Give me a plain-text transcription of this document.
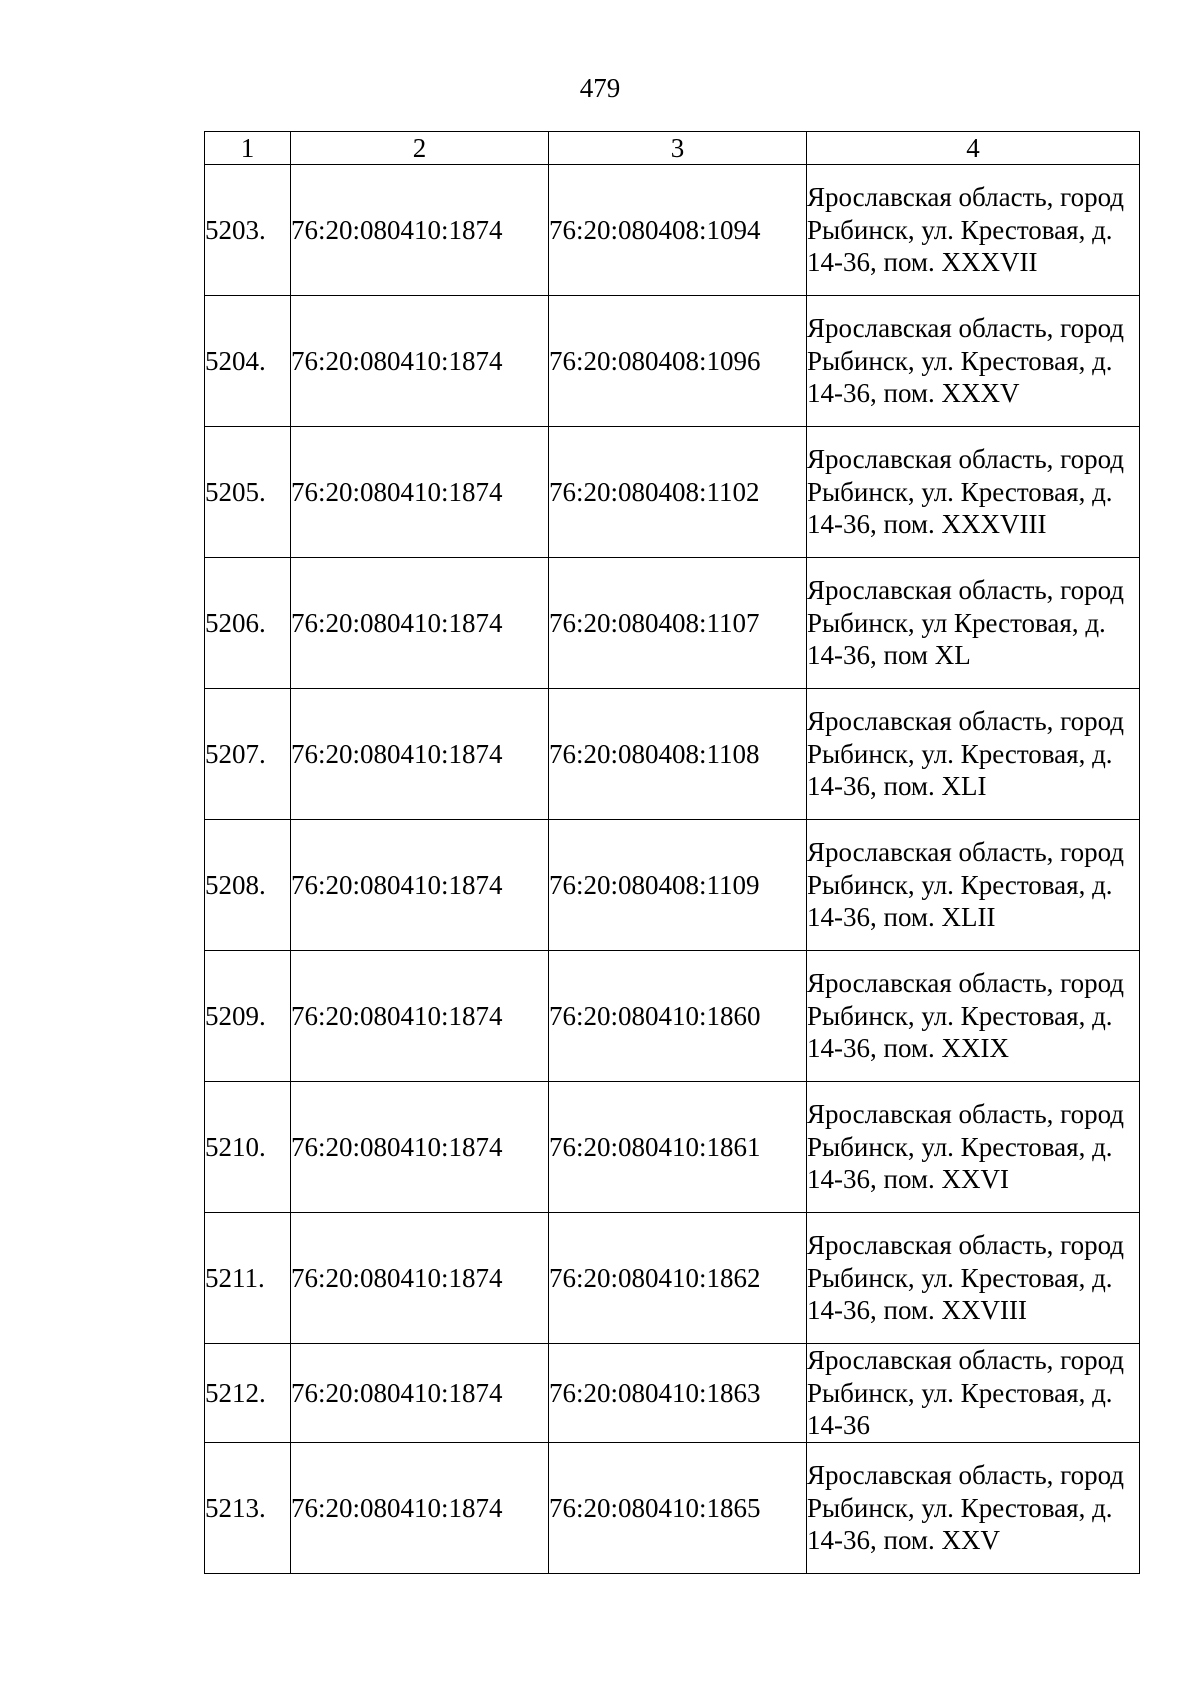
479
1	2	3	4
5203.	76:20:080410:1874	76:20:080408:1094	Ярославская область, город Рыбинск, ул. Крестовая, д. 14-36, пом. XXXVII
5204.	76:20:080410:1874	76:20:080408:1096	Ярославская область, город Рыбинск, ул. Крестовая, д. 14-36, пом. XXXV
5205.	76:20:080410:1874	76:20:080408:1102	Ярославская область, город Рыбинск, ул. Крестовая, д. 14-36, пом. XXXVIII
5206.	76:20:080410:1874	76:20:080408:1107	Ярославская область, город Рыбинск, ул Крестовая, д. 14-36, пом XL
5207.	76:20:080410:1874	76:20:080408:1108	Ярославская область, город Рыбинск, ул. Крестовая, д. 14-36, пом. XLI
5208.	76:20:080410:1874	76:20:080408:1109	Ярославская область, город Рыбинск, ул. Крестовая, д. 14-36, пом. XLII
5209.	76:20:080410:1874	76:20:080410:1860	Ярославская область, город Рыбинск, ул. Крестовая, д. 14-36, пом. XXIX
5210.	76:20:080410:1874	76:20:080410:1861	Ярославская область, город Рыбинск, ул. Крестовая, д. 14-36, пом. XXVI
5211.	76:20:080410:1874	76:20:080410:1862	Ярославская область, город Рыбинск, ул. Крестовая, д. 14-36, пом. XXVIII
5212.	76:20:080410:1874	76:20:080410:1863	Ярославская область, город Рыбинск, ул. Крестовая, д. 14-36
5213.	76:20:080410:1874	76:20:080410:1865	Ярославская область, город Рыбинск, ул. Крестовая, д. 14-36, пом. XXV
